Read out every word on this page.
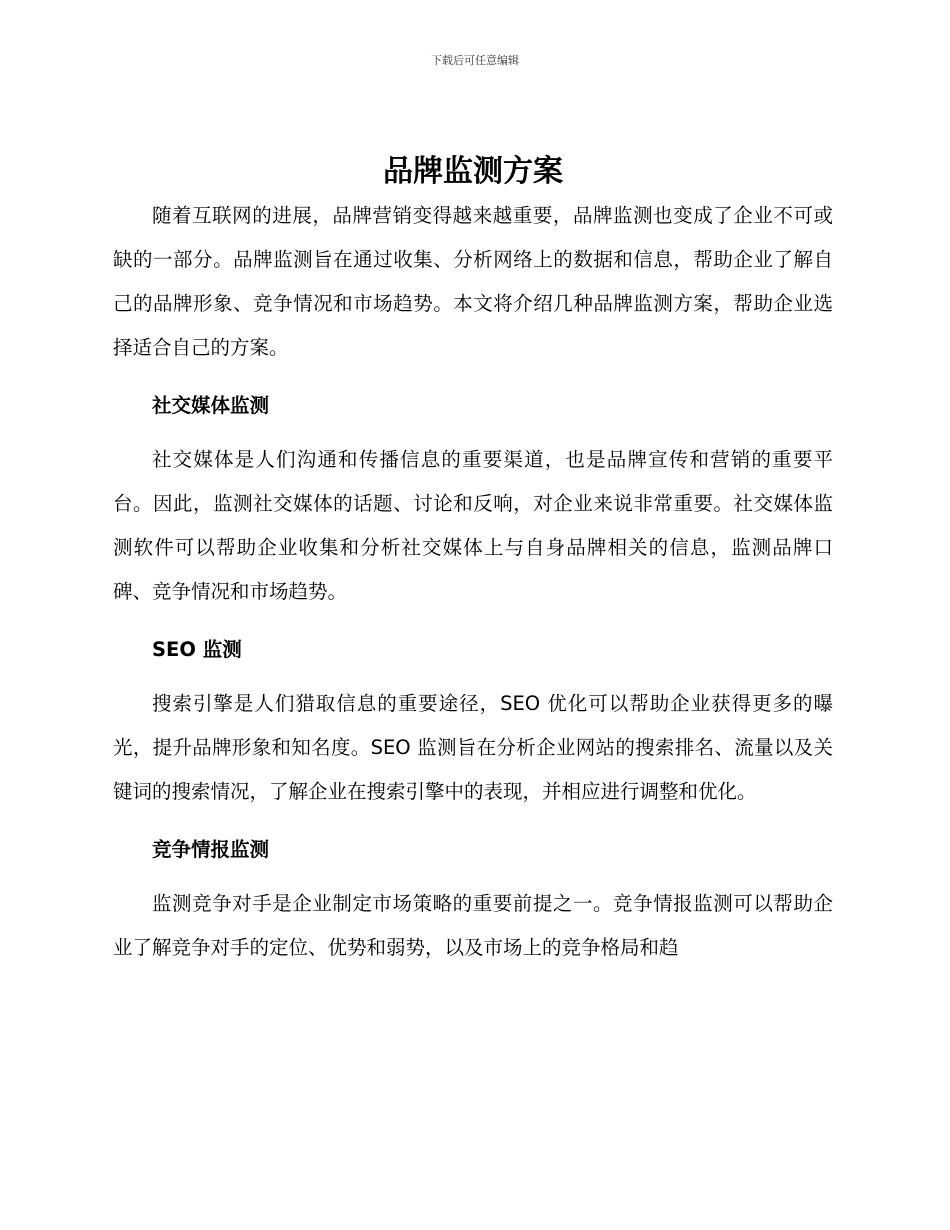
下载后可任意编辑
品牌监测方案

随着互联网的进展，品牌营销变得越来越重要，品牌监测也变成了企业不可或缺的一部分。品牌监测旨在通过收集、分析网络上的数据和信息，帮助企业了解自己的品牌形象、竞争情况和市场趋势。本文将介绍几种品牌监测方案，帮助企业选择适合自己的方案。

社交媒体监测

社交媒体是人们沟通和传播信息的重要渠道，也是品牌宣传和营销的重要平台。因此，监测社交媒体的话题、讨论和反响，对企业来说非常重要。社交媒体监测软件可以帮助企业收集和分析社交媒体上与自身品牌相关的信息，监测品牌口碑、竞争情况和市场趋势。

SEO 监测

搜索引擎是人们猎取信息的重要途径，SEO 优化可以帮助企业获得更多的曝光，提升品牌形象和知名度。SEO 监测旨在分析企业网站的搜索排名、流量以及关键词的搜索情况，了解企业在搜索引擎中的表现，并相应进行调整和优化。

竞争情报监测

监测竞争对手是企业制定市场策略的重要前提之一。竞争情报监测可以帮助企业了解竞争对手的定位、优势和弱势，以及市场上的竞争格局和趋
